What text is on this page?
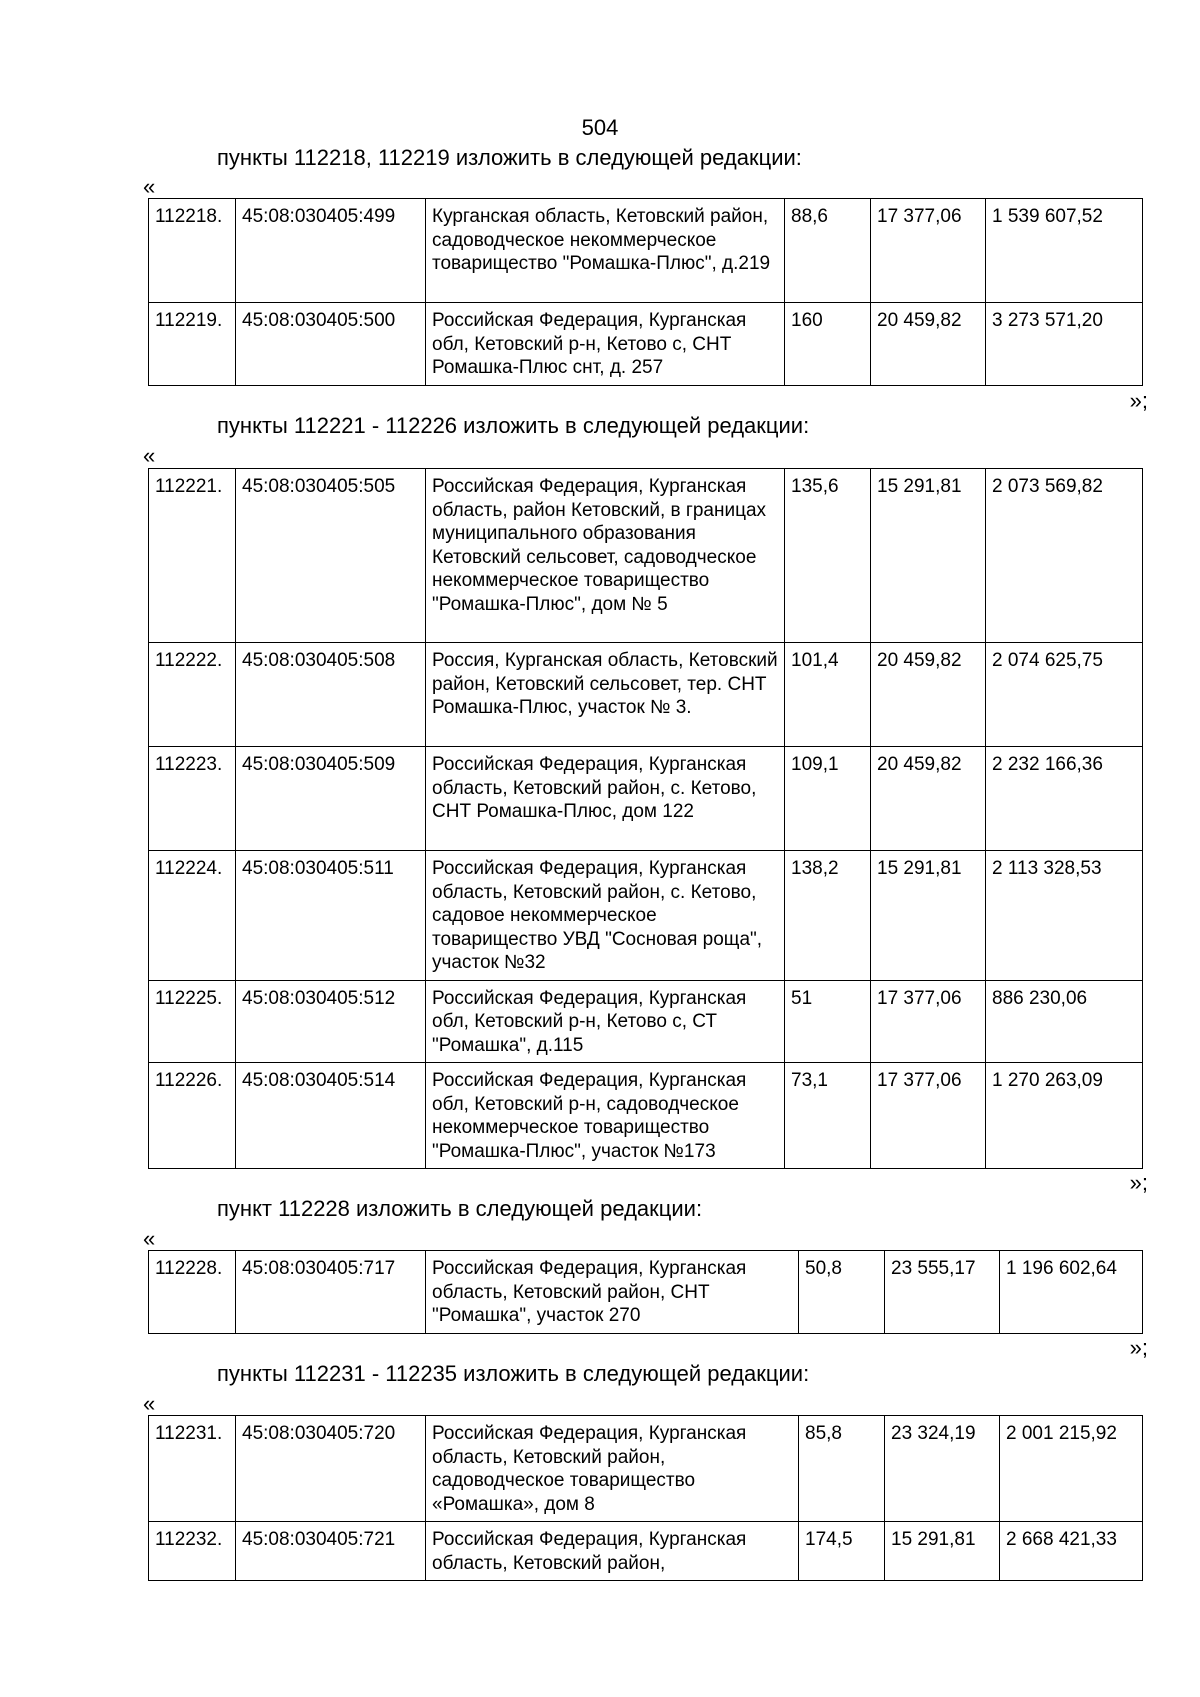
504
пункты 112218, 112219 изложить в следующей редакции:
«
112218.	45:08:030405:499	Курганская область, Кетовский район, садоводческое некоммерческое товарищество "Ромашка-Плюс", д.219	88,6	17 377,06	1 539 607,52
112219.	45:08:030405:500	Российская Федерация, Курганская обл, Кетовский р-н, Кетово с, СНТ Ромашка-Плюс снт, д. 257	160	20 459,82	3 273 571,20
»;
пункты 112221 - 112226 изложить в следующей редакции:
«
112221.	45:08:030405:505	Российская Федерация, Курганская область, район Кетовский, в границах муниципального образования Кетовский сельсовет, садоводческое некоммерческое товарищество "Ромашка-Плюс", дом № 5	135,6	15 291,81	2 073 569,82
112222.	45:08:030405:508	Россия, Курганская область, Кетовский район, Кетовский сельсовет, тер. СНТ Ромашка-Плюс, участок № 3.	101,4	20 459,82	2 074 625,75
112223.	45:08:030405:509	Российская Федерация, Курганская область, Кетовский район, с. Кетово, СНТ Ромашка-Плюс, дом 122	109,1	20 459,82	2 232 166,36
112224.	45:08:030405:511	Российская Федерация, Курганская область, Кетовский район, с. Кетово, садовое некоммерческое товарищество УВД "Сосновая роща", участок №32	138,2	15 291,81	2 113 328,53
112225.	45:08:030405:512	Российская Федерация, Курганская обл, Кетовский р-н, Кетово с, СТ "Ромашка", д.115	51	17 377,06	886 230,06
112226.	45:08:030405:514	Российская Федерация, Курганская обл, Кетовский р-н, садоводческое некоммерческое товарищество "Ромашка-Плюс", участок №173	73,1	17 377,06	1 270 263,09
»;
пункт 112228 изложить в следующей редакции:
«
112228.	45:08:030405:717	Российская Федерация, Курганская область, Кетовский район, СНТ "Ромашка", участок 270	50,8	23 555,17	1 196 602,64
»;
пункты 112231 - 112235 изложить в следующей редакции:
«
112231.	45:08:030405:720	Российская Федерация, Курганская область, Кетовский район, садоводческое товарищество «Ромашка», дом 8	85,8	23 324,19	2 001 215,92
112232.	45:08:030405:721	Российская Федерация, Курганская область, Кетовский район,	174,5	15 291,81	2 668 421,33
